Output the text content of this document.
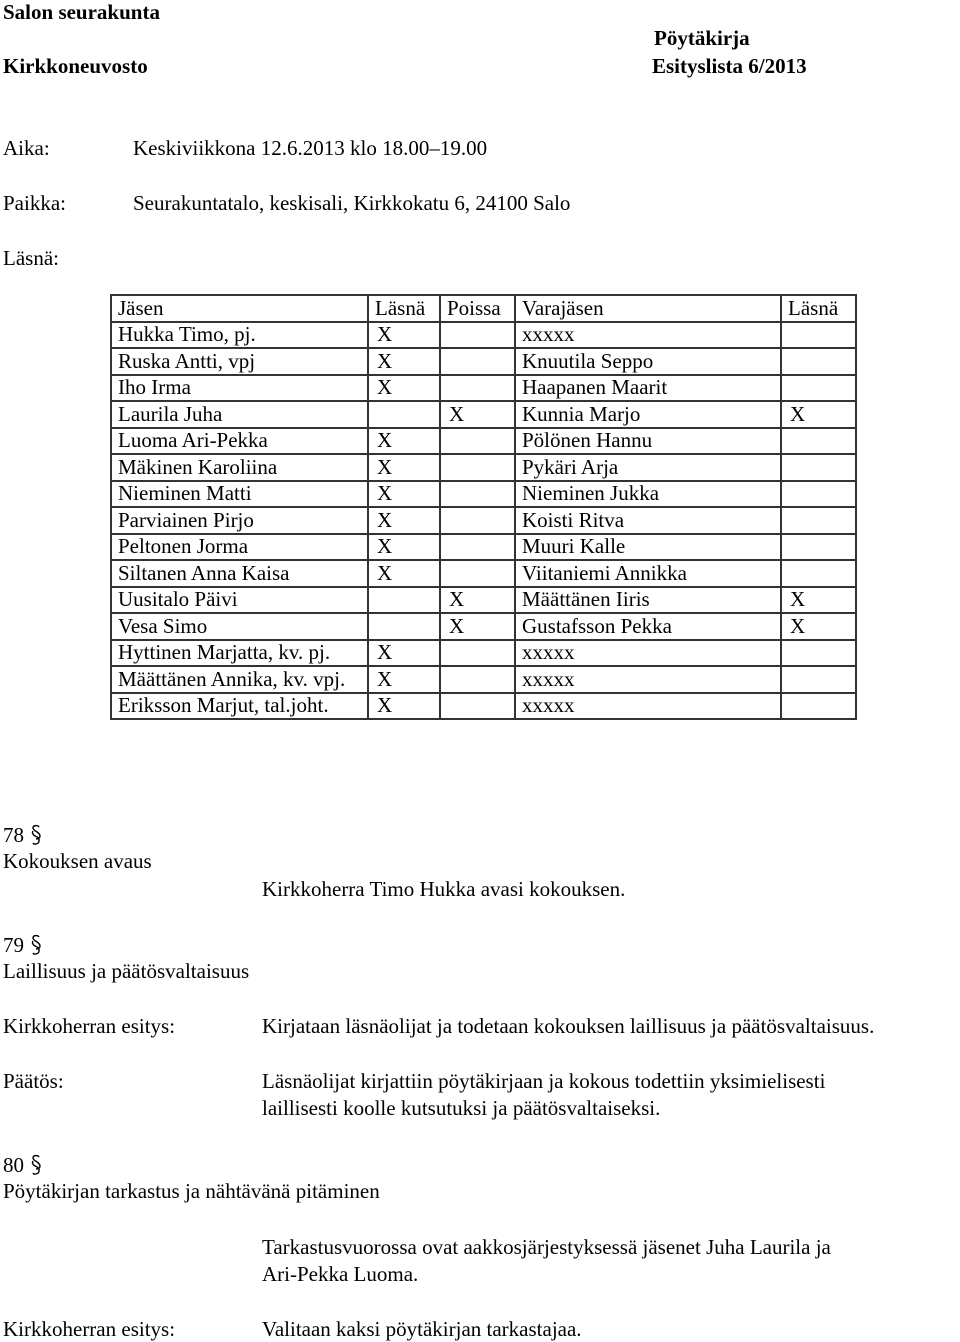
Salon seurakunta
Kirkkoneuvosto
Pöytäkirja
Esityslista 6/2013
Aika:	Keskiviikkona 12.6.2013 klo 18.00–19.00
Paikka:	Seurakuntatalo, keskisali, Kirkkokatu 6, 24100 Salo
Läsnä:
Jäsen	Läsnä	Poissa	Varajäsen	Läsnä
Hukka Timo, pj.	X		xxxxx	
Ruska Antti, vpj	X		Knuutila Seppo	
Iho Irma	X		Haapanen Maarit	
Laurila Juha		X	Kunnia Marjo	X
Luoma Ari-Pekka	X		Pölönen Hannu	
Mäkinen Karoliina	X		Pykäri Arja	
Nieminen Matti	X		Nieminen Jukka	
Parviainen Pirjo	X		Koisti Ritva	
Peltonen Jorma	X		Muuri Kalle	
Siltanen Anna Kaisa	X		Viitaniemi Annikka	
Uusitalo Päivi		X	Määttänen Iiris	X
Vesa Simo		X	Gustafsson Pekka	X
Hyttinen Marjatta, kv. pj.	X		xxxxx	
Määttänen Annika, kv. vpj.	X		xxxxx	
Eriksson Marjut, tal.joht.	X		xxxxx	
78
Kokouksen avaus
Kirkkoherra Timo Hukka avasi kokouksen.
79
Laillisuus ja päätösvaltaisuus
Kirkkoherran esitys:	Kirjataan läsnäolijat ja todetaan kokouksen laillisuus ja päätösvaltaisuus.
Päätös:	Läsnäolijat kirjattiin pöytäkirjaan ja kokous todettiin yksimielisesti
laillisesti koolle kutsutuksi ja päätösvaltaiseksi.
80
Pöytäkirjan tarkastus ja nähtävänä pitäminen
Tarkastusvuorossa ovat aakkosjärjestyksessä jäsenet Juha Laurila ja
Ari-Pekka Luoma.
Kirkkoherran esitys:	Valitaan kaksi pöytäkirjan tarkastajaa.
